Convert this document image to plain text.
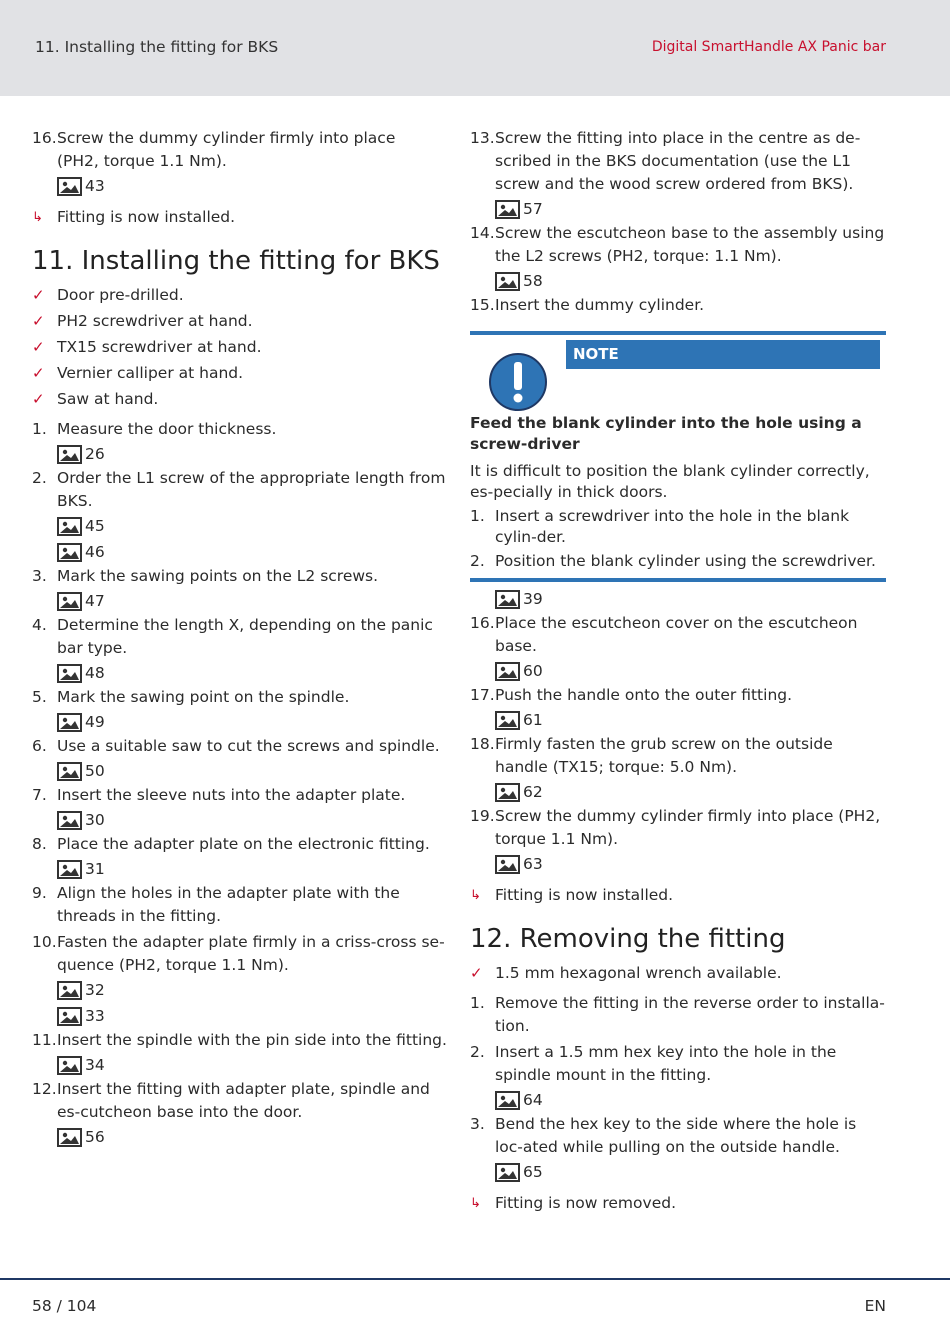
11. Installing the fitting for BKS	Digital SmartHandle AX Panic bar
16. Screw the dummy cylinder firmly into place (PH2, torque 1.1 Nm).
43
↳ Fitting is now installed.
11. Installing the fitting for BKS
✓ Door pre-drilled.
✓ PH2 screwdriver at hand.
✓ TX15 screwdriver at hand.
✓ Vernier calliper at hand.
✓ Saw at hand.
1. Measure the door thickness.
26
2. Order the L1 screw of the appropriate length from BKS.
45
46
3. Mark the sawing points on the L2 screws.
47
4. Determine the length X, depending on the panic bar type.
48
5. Mark the sawing point on the spindle.
49
6. Use a suitable saw to cut the screws and spindle.
50
7. Insert the sleeve nuts into the adapter plate.
30
8. Place the adapter plate on the electronic fitting.
31
9. Align the holes in the adapter plate with the threads in the fitting.
10. Fasten the adapter plate firmly in a criss-cross se-quence (PH2, torque 1.1 Nm).
32
33
11. Insert the spindle with the pin side into the fitting.
34
12. Insert the fitting with adapter plate, spindle and es-cutcheon base into the door.
56
13. Screw the fitting into place in the centre as de-scribed in the BKS documentation (use the L1 screw and the wood screw ordered from BKS).
57
14. Screw the escutcheon base to the assembly using the L2 screws (PH2, torque: 1.1 Nm).
58
15. Insert the dummy cylinder.
NOTE
Feed the blank cylinder into the hole using a screw-driver
It is difficult to position the blank cylinder correctly, es-pecially in thick doors.
1. Insert a screwdriver into the hole in the blank cylin-der.
2. Position the blank cylinder using the screwdriver.
39
16. Place the escutcheon cover on the escutcheon base.
60
17. Push the handle onto the outer fitting.
61
18. Firmly fasten the grub screw on the outside handle (TX15; torque: 5.0 Nm).
62
19. Screw the dummy cylinder firmly into place (PH2, torque 1.1 Nm).
63
↳ Fitting is now installed.
12. Removing the fitting
✓ 1.5 mm hexagonal wrench available.
1. Remove the fitting in the reverse order to installa-tion.
2. Insert a 1.5 mm hex key into the hole in the spindle mount in the fitting.
64
3. Bend the hex key to the side where the hole is loc-ated while pulling on the outside handle.
65
↳ Fitting is now removed.
58 / 104	EN
